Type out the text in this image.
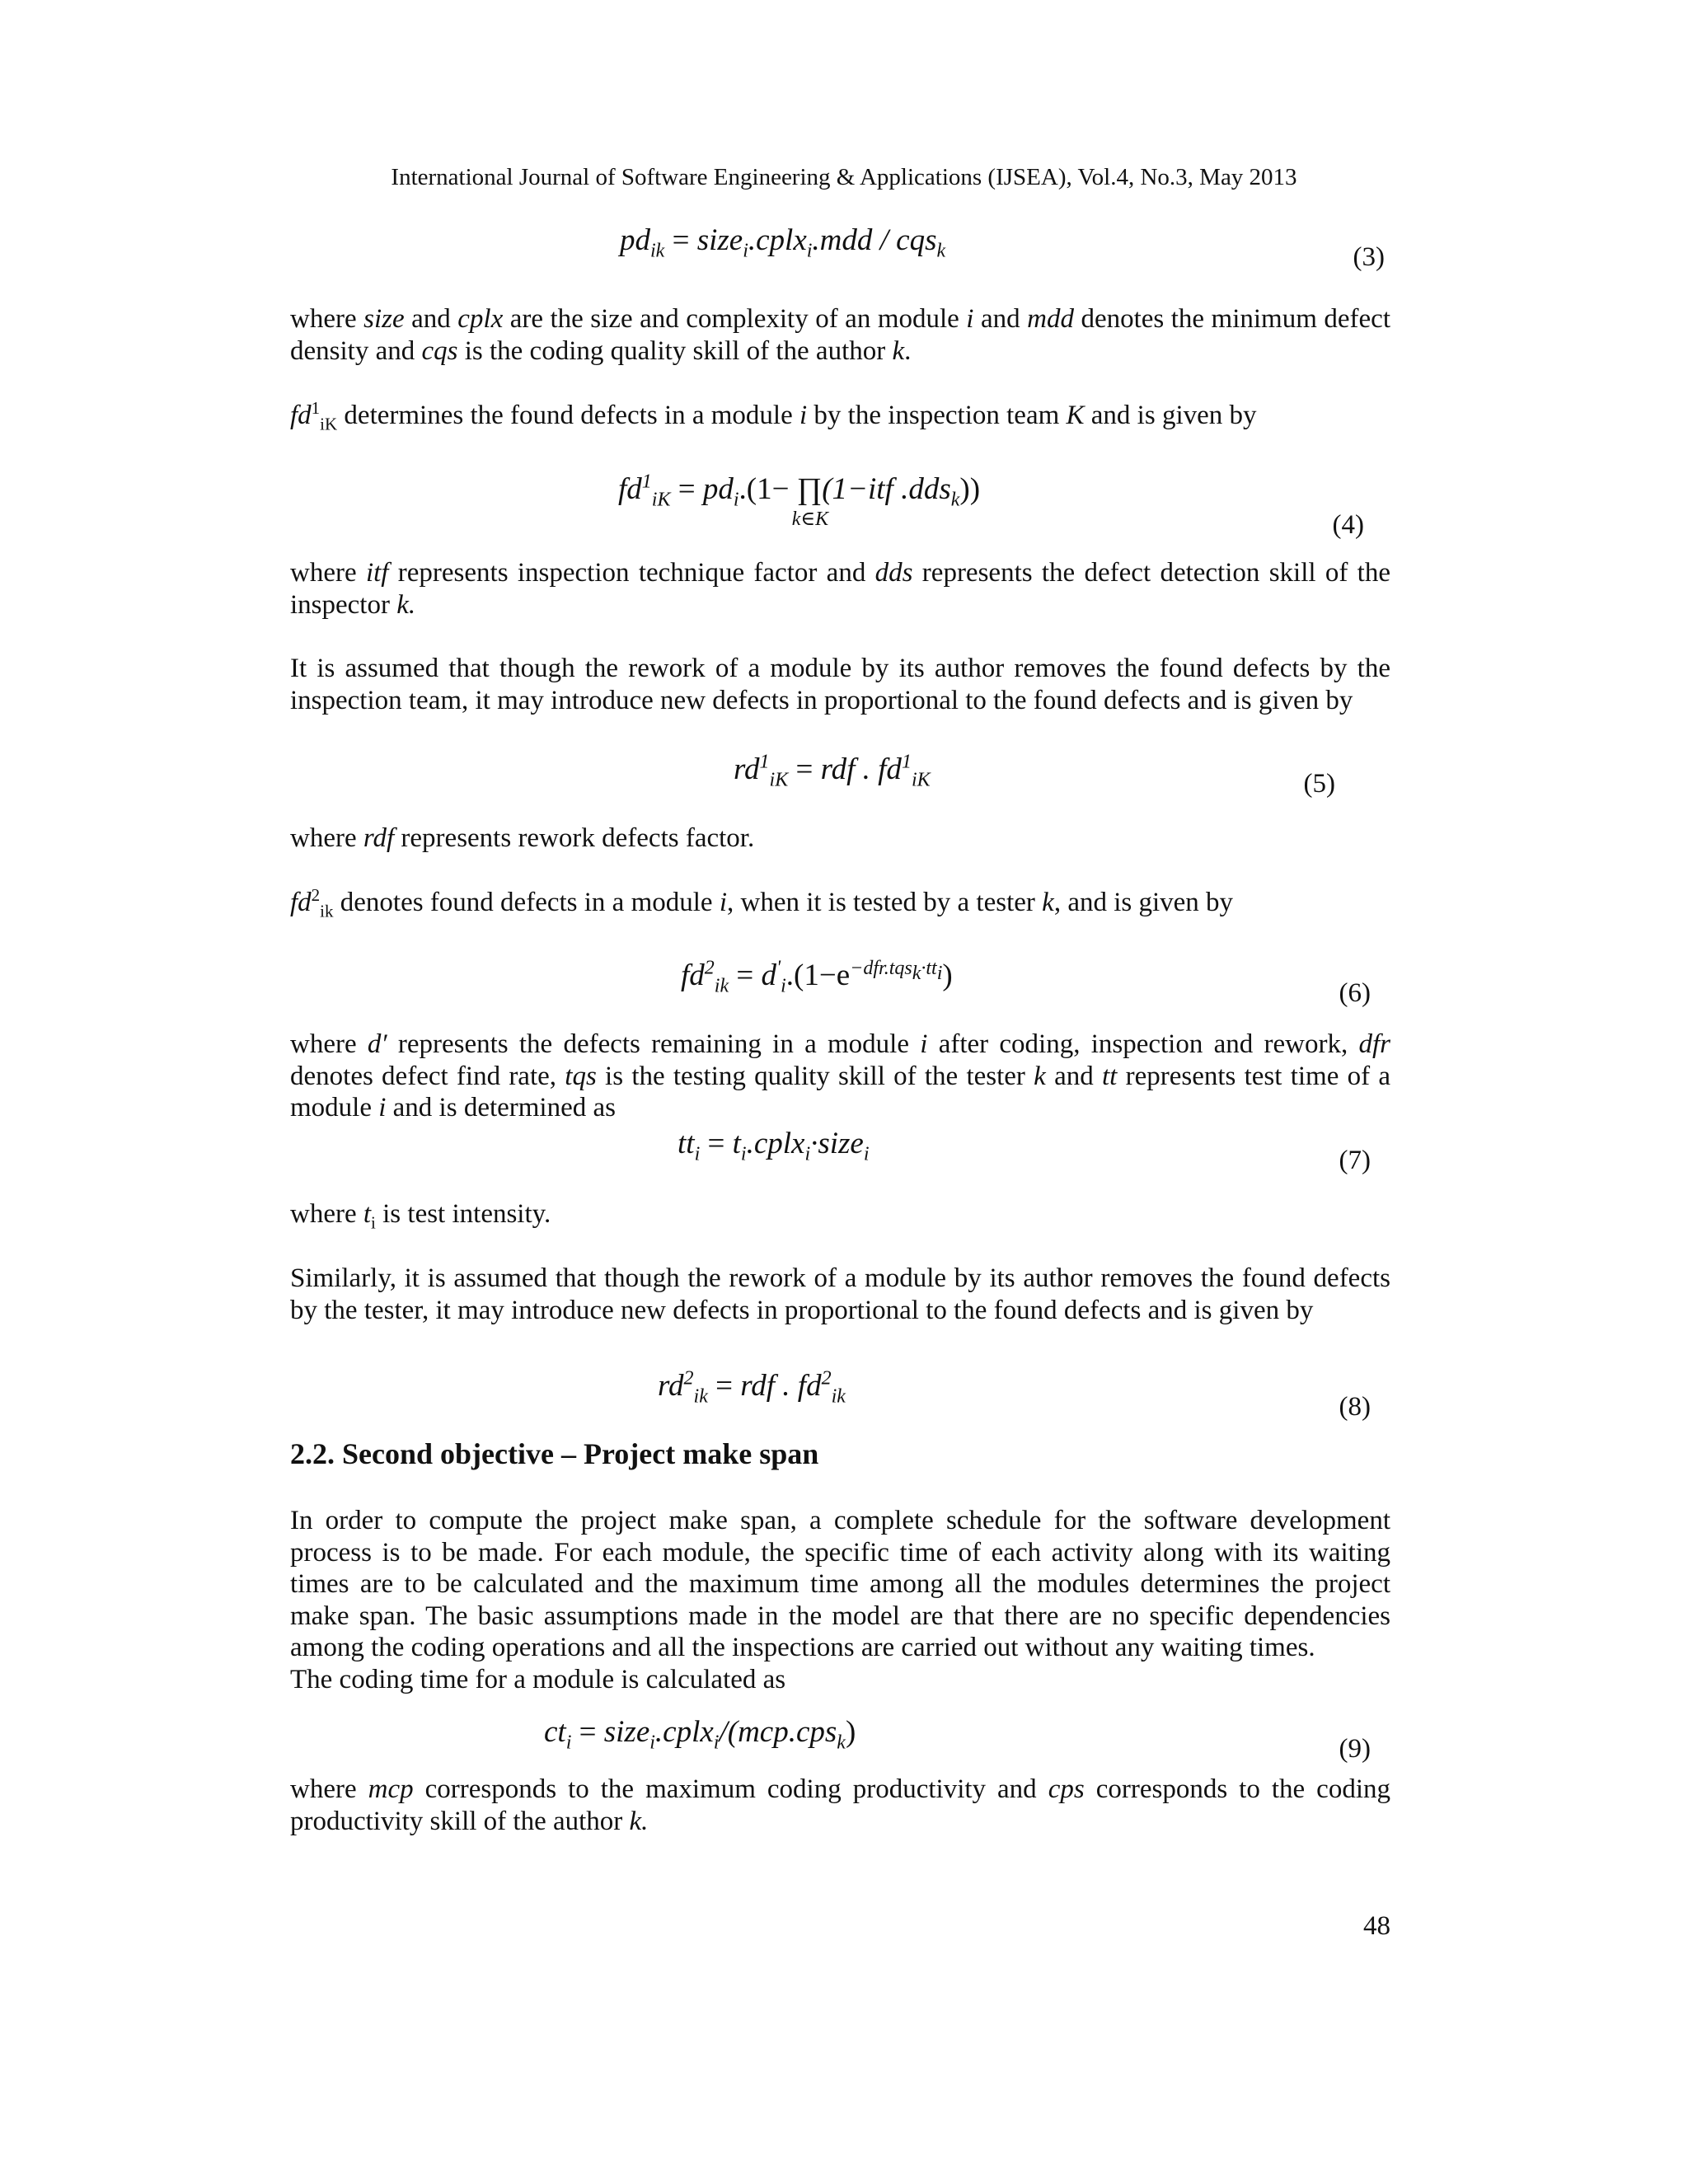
International Journal of Software Engineering & Applications (IJSEA), Vol.4, No.3, May 2013
$pd_{ik}$ = size$_i$.cplx$_i$.mdd / cqs$_k$	(3)
where size and cplx are the size and complexity of an module i and mdd denotes the minimum defect density and cqs is the coding quality skill of the author k.
$fd^1_{iK}$ determines the found defects in a module i by the inspection team K and is given by
$fd^1_{iK} = pd_i.(1-$ ∏
k∈K
(1−itf .dds$_k$))
(4)
where itf represents inspection technique factor and dds represents the defect detection skill of the inspector k.
It is assumed that though the rework of a module by its author removes the found defects by the inspection team, it may introduce new defects in proportional to the found defects and is given by
$rd^1_{iK}$ = rdf . $fd^1_{iK}$	(5)
where rdf represents rework defects factor.
$fd^2_{ik}$ denotes found defects in a module i, when it is tested by a tester k, and is given by
$fd^2_{ik} = d'_i.(1-e^{-dfr.tqs_k\cdot tt_i})$
(6)
where d′ represents the defects remaining in a module i after coding, inspection and rework, dfr denotes defect find rate, tqs is the testing quality skill of the tester k and tt represents test time of a module i and is determined as
$tt_i$ = $t_i.cplx_i\cdot size_i$	(7)
where $t_i$ is test intensity.
Similarly, it is assumed that though the rework of a module by its author removes the found defects by the tester, it may introduce new defects in proportional to the found defects and is given by
$rd^2_{ik}$ = rdf . $fd^2_{ik}$	(8)
2.2. Second objective – Project make span
In order to compute the project make span, a complete schedule for the software development process is to be made. For each module, the specific time of each activity along with its waiting times are to be calculated and the maximum time among all the modules determines the project make span. The basic assumptions made in the model are that there are no specific dependencies among the coding operations and all the inspections are carried out without any waiting times.
The coding time for a module is calculated as
$ct_i$ = size$_i$.cplx$_i$/(mcp.cps$_k$)	(9)
where mcp corresponds to the maximum coding productivity and cps corresponds to the coding productivity skill of the author k.
48
